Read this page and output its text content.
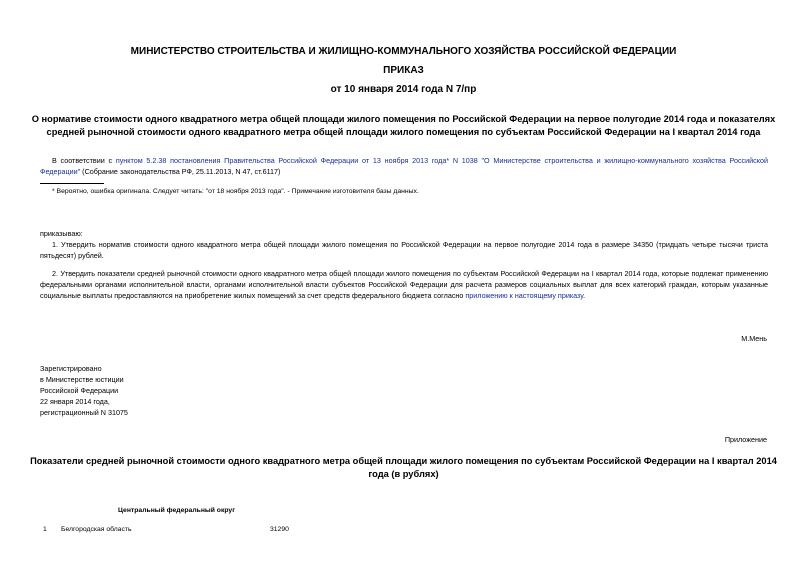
МИНИСТЕРСТВО СТРОИТЕЛЬСТВА И ЖИЛИЩНО-КОММУНАЛЬНОГО ХОЗЯЙСТВА РОССИЙСКОЙ ФЕДЕРАЦИИ
ПРИКАЗ
от 10 января 2014 года N 7/пр
О нормативе стоимости одного квадратного метра общей площади жилого помещения по Российской Федерации на первое полугодие 2014 года и показателях
средней рыночной стоимости одного квадратного метра общей площади жилого помещения по субъектам Российской Федерации на I квартал 2014 года
В соответствии с пунктом 5.2.38 постановления Правительства Российской Федерации от 13 ноября 2013 года* N 1038 "О Министерстве строительства и жилищно-коммунального хозяйства Российской Федерации" (Собрание законодательства РФ, 25.11.2013, N 47, ст.6117)
* Вероятно, ошибка оригинала. Следует читать: "от 18 ноября 2013 года". - Примечание изготовителя базы данных.
приказываю:
1. Утвердить норматив стоимости одного квадратного метра общей площади жилого помещения по Российской Федерации на первое полугодие 2014 года в размере 34350 (тридцать четыре тысячи триста пятьдесят) рублей.
2. Утвердить показатели средней рыночной стоимости одного квадратного метра общей площади жилого помещения по субъектам Российской Федерации на I квартал 2014 года, которые подлежат применению федеральными органами исполнительной власти, органами исполнительной власти субъектов Российской Федерации для расчета размеров социальных выплат для всех категорий граждан, которым указанные социальные выплаты предоставляются на приобретение жилых помещений за счет средств федерального бюджета согласно приложению к настоящему приказу.
М.Мень
Зарегистрировано
в Министерстве юстиции
Российской Федерации
22 января 2014 года,
регистрационный N 31075
Приложение
Показатели средней рыночной стоимости одного квадратного метра общей площади жилого помещения по субъектам Российской Федерации на I квартал 2014
года (в рублях)
Центральный федеральный округ
1 Белгородская область	31290
